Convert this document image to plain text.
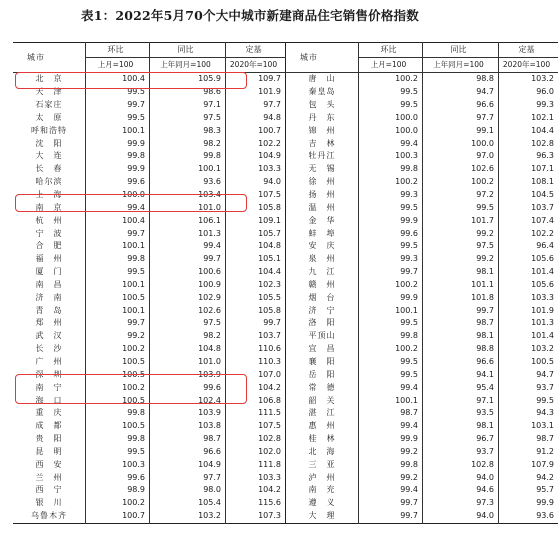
表1：2022年5月70个大中城市新建商品住宅销售价格指数
城市	环比	同比	定基	城市	环比	同比	定基
	上月=100	上年同月=100	2020年=100		上月=100	上年同月=100	2020年=100
北　京	100.4	105.9	109.7	唐　山	100.2	98.8	103.2
天　津	99.5	98.6	101.9	秦皇岛	99.5	94.7	96.0
石家庄	99.7	97.1	97.7	包　头	99.5	96.6	99.3
太　原	99.5	97.5	94.8	丹　东	100.0	97.7	102.1
呼和浩特	100.1	98.3	100.7	锦　州	100.0	99.1	104.4
沈　阳	99.9	98.2	102.2	吉　林	99.4	100.0	102.8
大　连	99.8	99.8	104.9	牡丹江	100.3	97.0	96.3
长　春	99.9	100.1	103.3	无　锡	99.8	102.6	107.1
哈尔滨	99.6	93.6	94.0	徐　州	100.2	100.2	108.1
上　海	100.0	103.4	107.5	扬　州	99.3	97.2	104.5
南　京	99.4	101.0	105.8	温　州	99.5	99.5	103.7
杭　州	100.4	106.1	109.1	金　华	99.9	101.7	107.4
宁　波	99.7	101.3	105.7	蚌　埠	99.6	99.2	102.2
合　肥	100.1	99.4	104.8	安　庆	99.5	97.5	96.4
福　州	99.8	99.7	105.1	泉　州	99.3	99.2	105.6
厦　门	99.5	100.6	104.4	九　江	99.7	98.1	101.4
南　昌	100.1	100.9	102.3	赣　州	100.2	101.1	105.6
济　南	100.5	102.9	105.5	烟　台	99.9	101.8	103.3
青　岛	100.1	102.6	105.8	济　宁	100.1	99.7	101.9
郑　州	99.7	97.5	99.7	洛　阳	99.5	98.7	101.3
武　汉	99.2	98.2	103.7	平顶山	99.8	98.1	101.4
长　沙	100.2	104.8	110.6	宜　昌	100.2	98.8	103.2
广　州	100.5	101.0	110.3	襄　阳	99.5	96.6	100.5
深　圳	100.5	103.9	107.0	岳　阳	99.5	94.1	94.7
南　宁	100.2	99.6	104.2	常　德	99.4	95.4	93.7
海　口	100.5	102.4	106.8	韶　关	100.1	97.1	99.5
重　庆	99.8	103.9	111.5	湛　江	98.7	93.5	94.3
成　都	100.5	103.8	107.5	惠　州	99.4	98.1	103.1
贵　阳	99.8	98.7	102.8	桂　林	99.9	96.7	98.7
昆　明	99.5	96.6	102.0	北　海	99.2	93.7	91.2
西　安	100.3	104.9	111.8	三　亚	99.8	102.8	107.9
兰　州	99.6	97.7	103.3	泸　州	99.2	94.0	94.2
西　宁	98.9	98.0	104.2	南　充	99.4	94.6	95.7
银　川	100.2	105.4	115.6	遵　义	99.7	97.3	99.9
乌鲁木齐	100.7	103.2	107.3	大　理	99.7	94.0	93.6
